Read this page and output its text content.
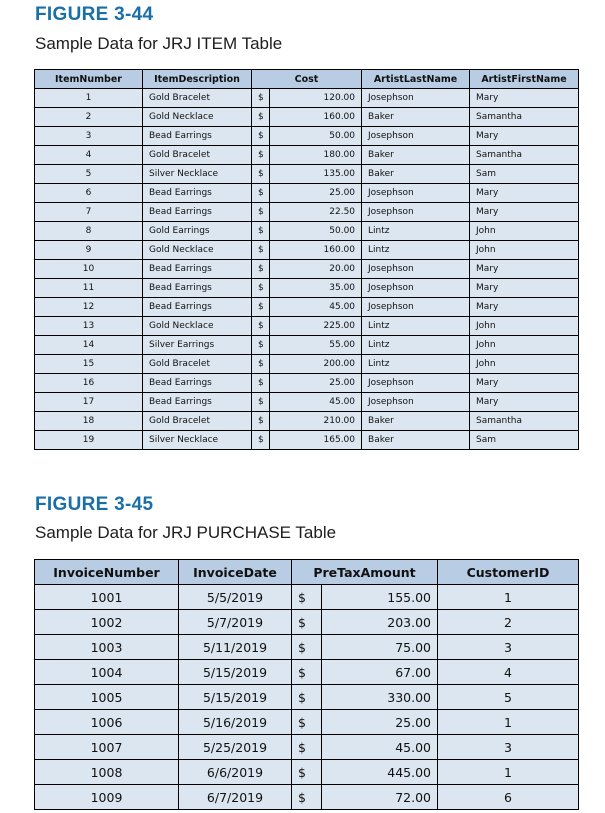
FIGURE 3-44
Sample Data for JRJ ITEM Table
ItemNumber	ItemDescription	Cost		ArtistLastName	ArtistFirstName
1	Gold Bracelet	$	120.00	Josephson	Mary
2	Gold Necklace	$	160.00	Baker	Samantha
3	Bead Earrings	$	50.00	Josephson	Mary
4	Gold Bracelet	$	180.00	Baker	Samantha
5	Silver Necklace	$	135.00	Baker	Sam
6	Bead Earrings	$	25.00	Josephson	Mary
7	Bead Earrings	$	22.50	Josephson	Mary
8	Gold Earrings	$	50.00	Lintz	John
9	Gold Necklace	$	160.00	Lintz	John
10	Bead Earrings	$	20.00	Josephson	Mary
11	Bead Earrings	$	35.00	Josephson	Mary
12	Bead Earrings	$	45.00	Josephson	Mary
13	Gold Necklace	$	225.00	Lintz	John
14	Silver Earrings	$	55.00	Lintz	John
15	Gold Bracelet	$	200.00	Lintz	John
16	Bead Earrings	$	25.00	Josephson	Mary
17	Bead Earrings	$	45.00	Josephson	Mary
18	Gold Bracelet	$	210.00	Baker	Samantha
19	Silver Necklace	$	165.00	Baker	Sam
FIGURE 3-45
Sample Data for JRJ PURCHASE Table
InvoiceNumber	InvoiceDate	PreTaxAmount		CustomerID
1001	5/5/2019	$	155.00	1
1002	5/7/2019	$	203.00	2
1003	5/11/2019	$	75.00	3
1004	5/15/2019	$	67.00	4
1005	5/15/2019	$	330.00	5
1006	5/16/2019	$	25.00	1
1007	5/25/2019	$	45.00	3
1008	6/6/2019	$	445.00	1
1009	6/7/2019	$	72.00	6
